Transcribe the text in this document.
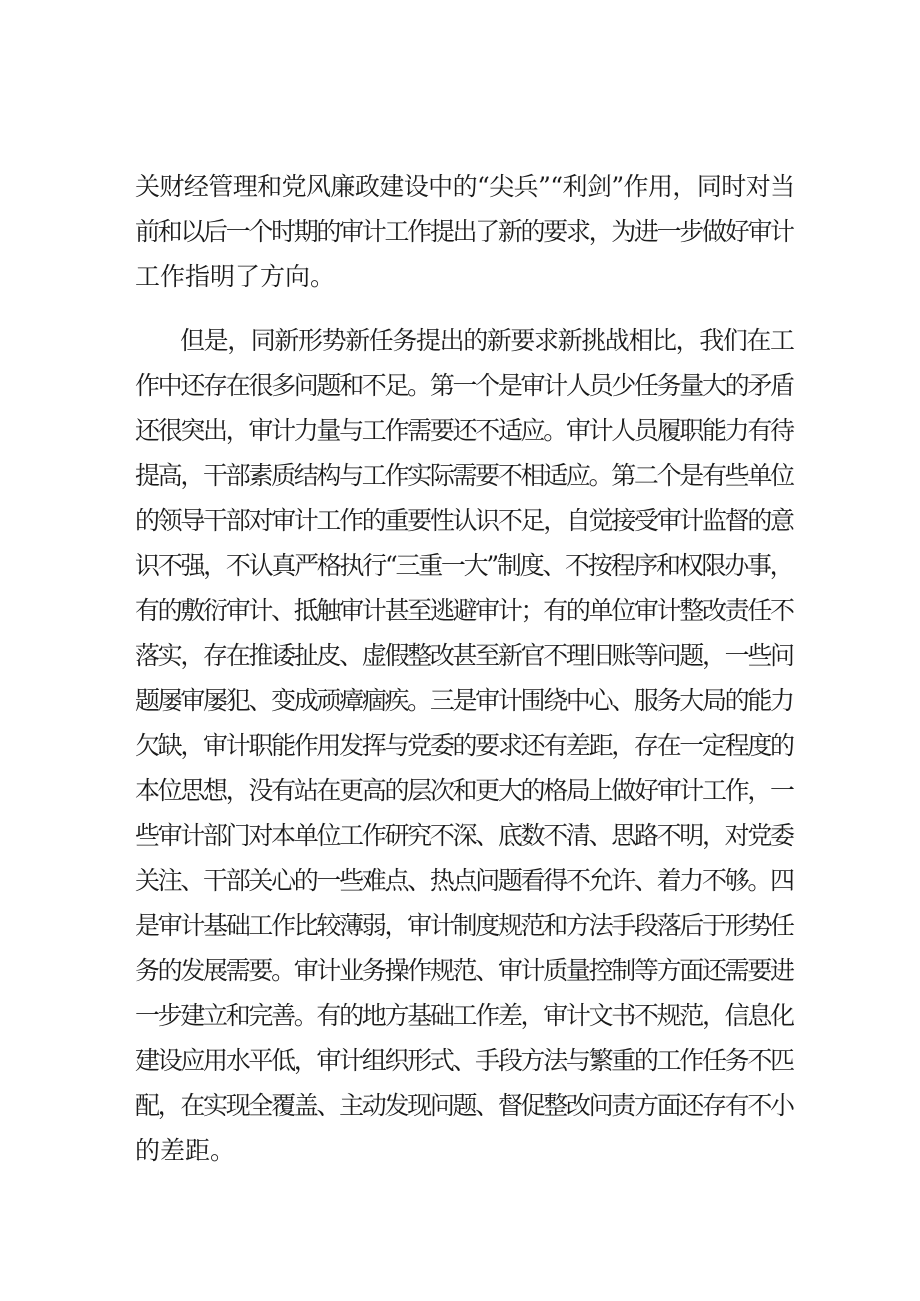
关财经管理和党风廉政建设中的“尖兵”“利剑”作用，同时对当
前和以后一个时期的审计工作提出了新的要求，为进一步做好审计
工作指明了方向。
但是，同新形势新任务提出的新要求新挑战相比，我们在工
作中还存在很多问题和不足。第一个是审计人员少任务量大的矛盾
还很突出，审计力量与工作需要还不适应。审计人员履职能力有待
提高，干部素质结构与工作实际需要不相适应。第二个是有些单位
的领导干部对审计工作的重要性认识不足，自觉接受审计监督的意
识不强，不认真严格执行“三重一大”制度、不按程序和权限办事，
有的敷衍审计、抵触审计甚至逃避审计；有的单位审计整改责任不
落实，存在推诿扯皮、虚假整改甚至新官不理旧账等问题，一些问
题屡审屡犯、变成顽瘴痼疾。三是审计围绕中心、服务大局的能力
欠缺，审计职能作用发挥与党委的要求还有差距，存在一定程度的
本位思想，没有站在更高的层次和更大的格局上做好审计工作，一
些审计部门对本单位工作研究不深、底数不清、思路不明，对党委
关注、干部关心的一些难点、热点问题看得不允许、着力不够。四
是审计基础工作比较薄弱，审计制度规范和方法手段落后于形势任
务的发展需要。审计业务操作规范、审计质量控制等方面还需要进
一步建立和完善。有的地方基础工作差，审计文书不规范，信息化
建设应用水平低，审计组织形式、手段方法与繁重的工作任务不匹
配，在实现全覆盖、主动发现问题、督促整改问责方面还存有不小
的差距。
